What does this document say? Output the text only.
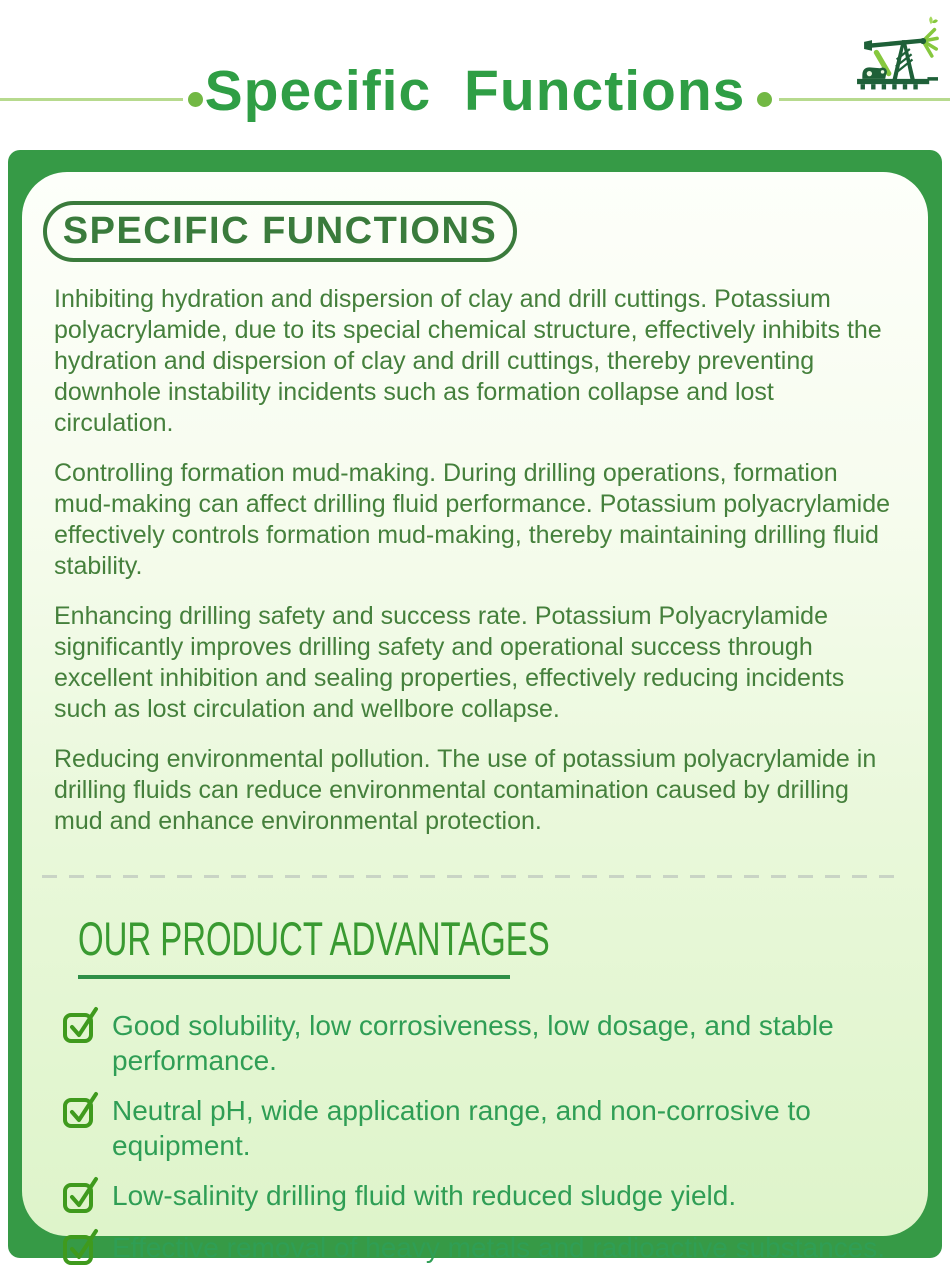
Specific Functions
SPECIFIC FUNCTIONS

Inhibiting hydration and dispersion of clay and drill cuttings. Potassium polyacrylamide, due to its special chemical structure, effectively inhibits the hydration and dispersion of clay and drill cuttings, thereby preventing downhole instability incidents such as formation collapse and lost circulation.

Controlling formation mud-making. During drilling operations, formation mud-making can affect drilling fluid performance. Potassium polyacrylamide effectively controls formation mud-making, thereby maintaining drilling fluid stability.

Enhancing drilling safety and success rate. Potassium Polyacrylamide significantly improves drilling safety and operational success through excellent inhibition and sealing properties, effectively reducing incidents such as lost circulation and wellbore collapse.

Reducing environmental pollution. The use of potassium polyacrylamide in drilling fluids can reduce environmental contamination caused by drilling mud and enhance environmental protection.

OUR PRODUCT ADVANTAGES
Good solubility, low corrosiveness, low dosage, and stable performance.
Neutral pH, wide application range, and non-corrosive to equipment.
Low-salinity drilling fluid with reduced sludge yield.
Effective removal of heavy metals and radioactive substances.
